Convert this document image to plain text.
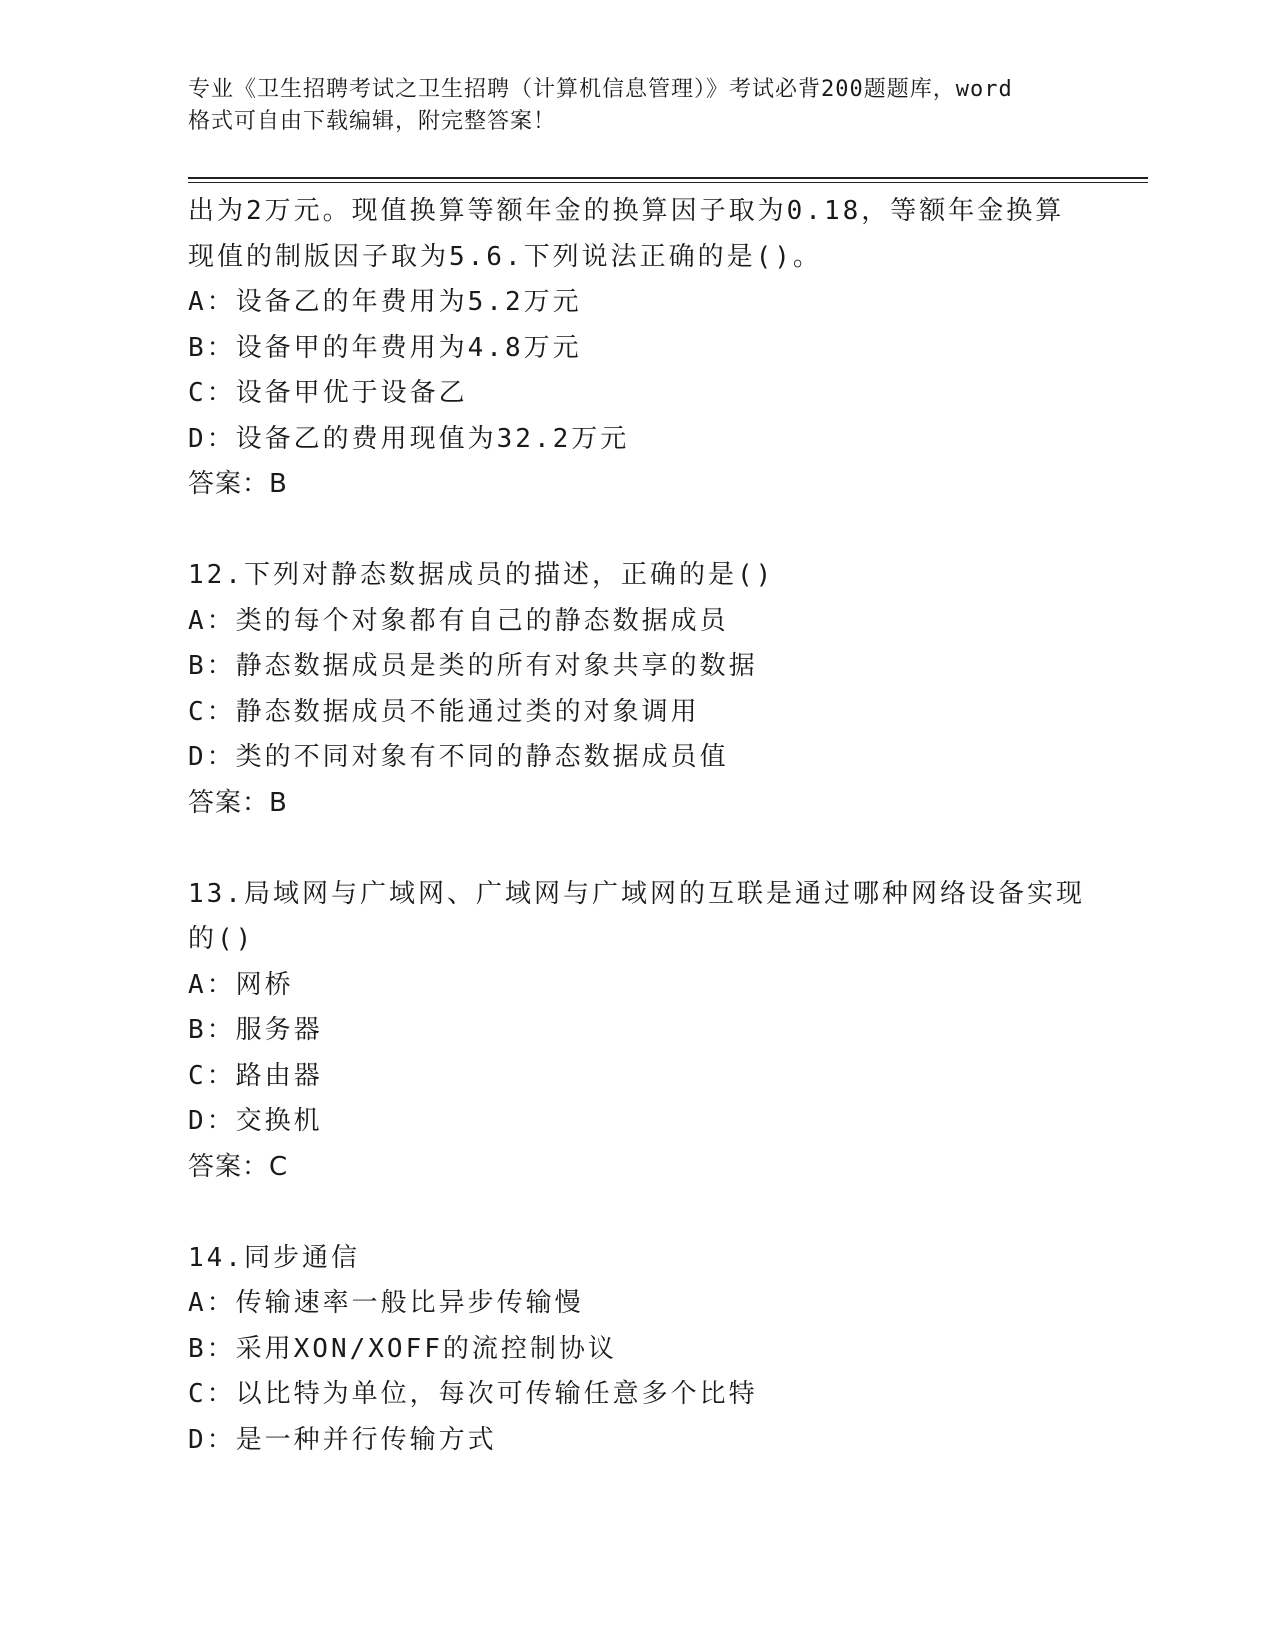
专业《卫生招聘考试之卫生招聘（计算机信息管理）》考试必背200题题库，word
格式可自由下载编辑，附完整答案！
出为2万元。现值换算等额年金的换算因子取为0.18，等额年金换算
现值的制版因子取为5.6.下列说法正确的是()。
A：设备乙的年费用为5.2万元
B：设备甲的年费用为4.8万元
C：设备甲优于设备乙
D：设备乙的费用现值为32.2万元
答案：B
12.下列对静态数据成员的描述，正确的是()
A：类的每个对象都有自己的静态数据成员
B：静态数据成员是类的所有对象共享的数据
C：静态数据成员不能通过类的对象调用
D：类的不同对象有不同的静态数据成员值
答案：B
13.局域网与广域网、广域网与广域网的互联是通过哪种网络设备实现
的()
A：网桥
B：服务器
C：路由器
D：交换机
答案：C
14.同步通信
A：传输速率一般比异步传输慢
B：采用XON/XOFF的流控制协议
C：以比特为单位，每次可传输任意多个比特
D：是一种并行传输方式
